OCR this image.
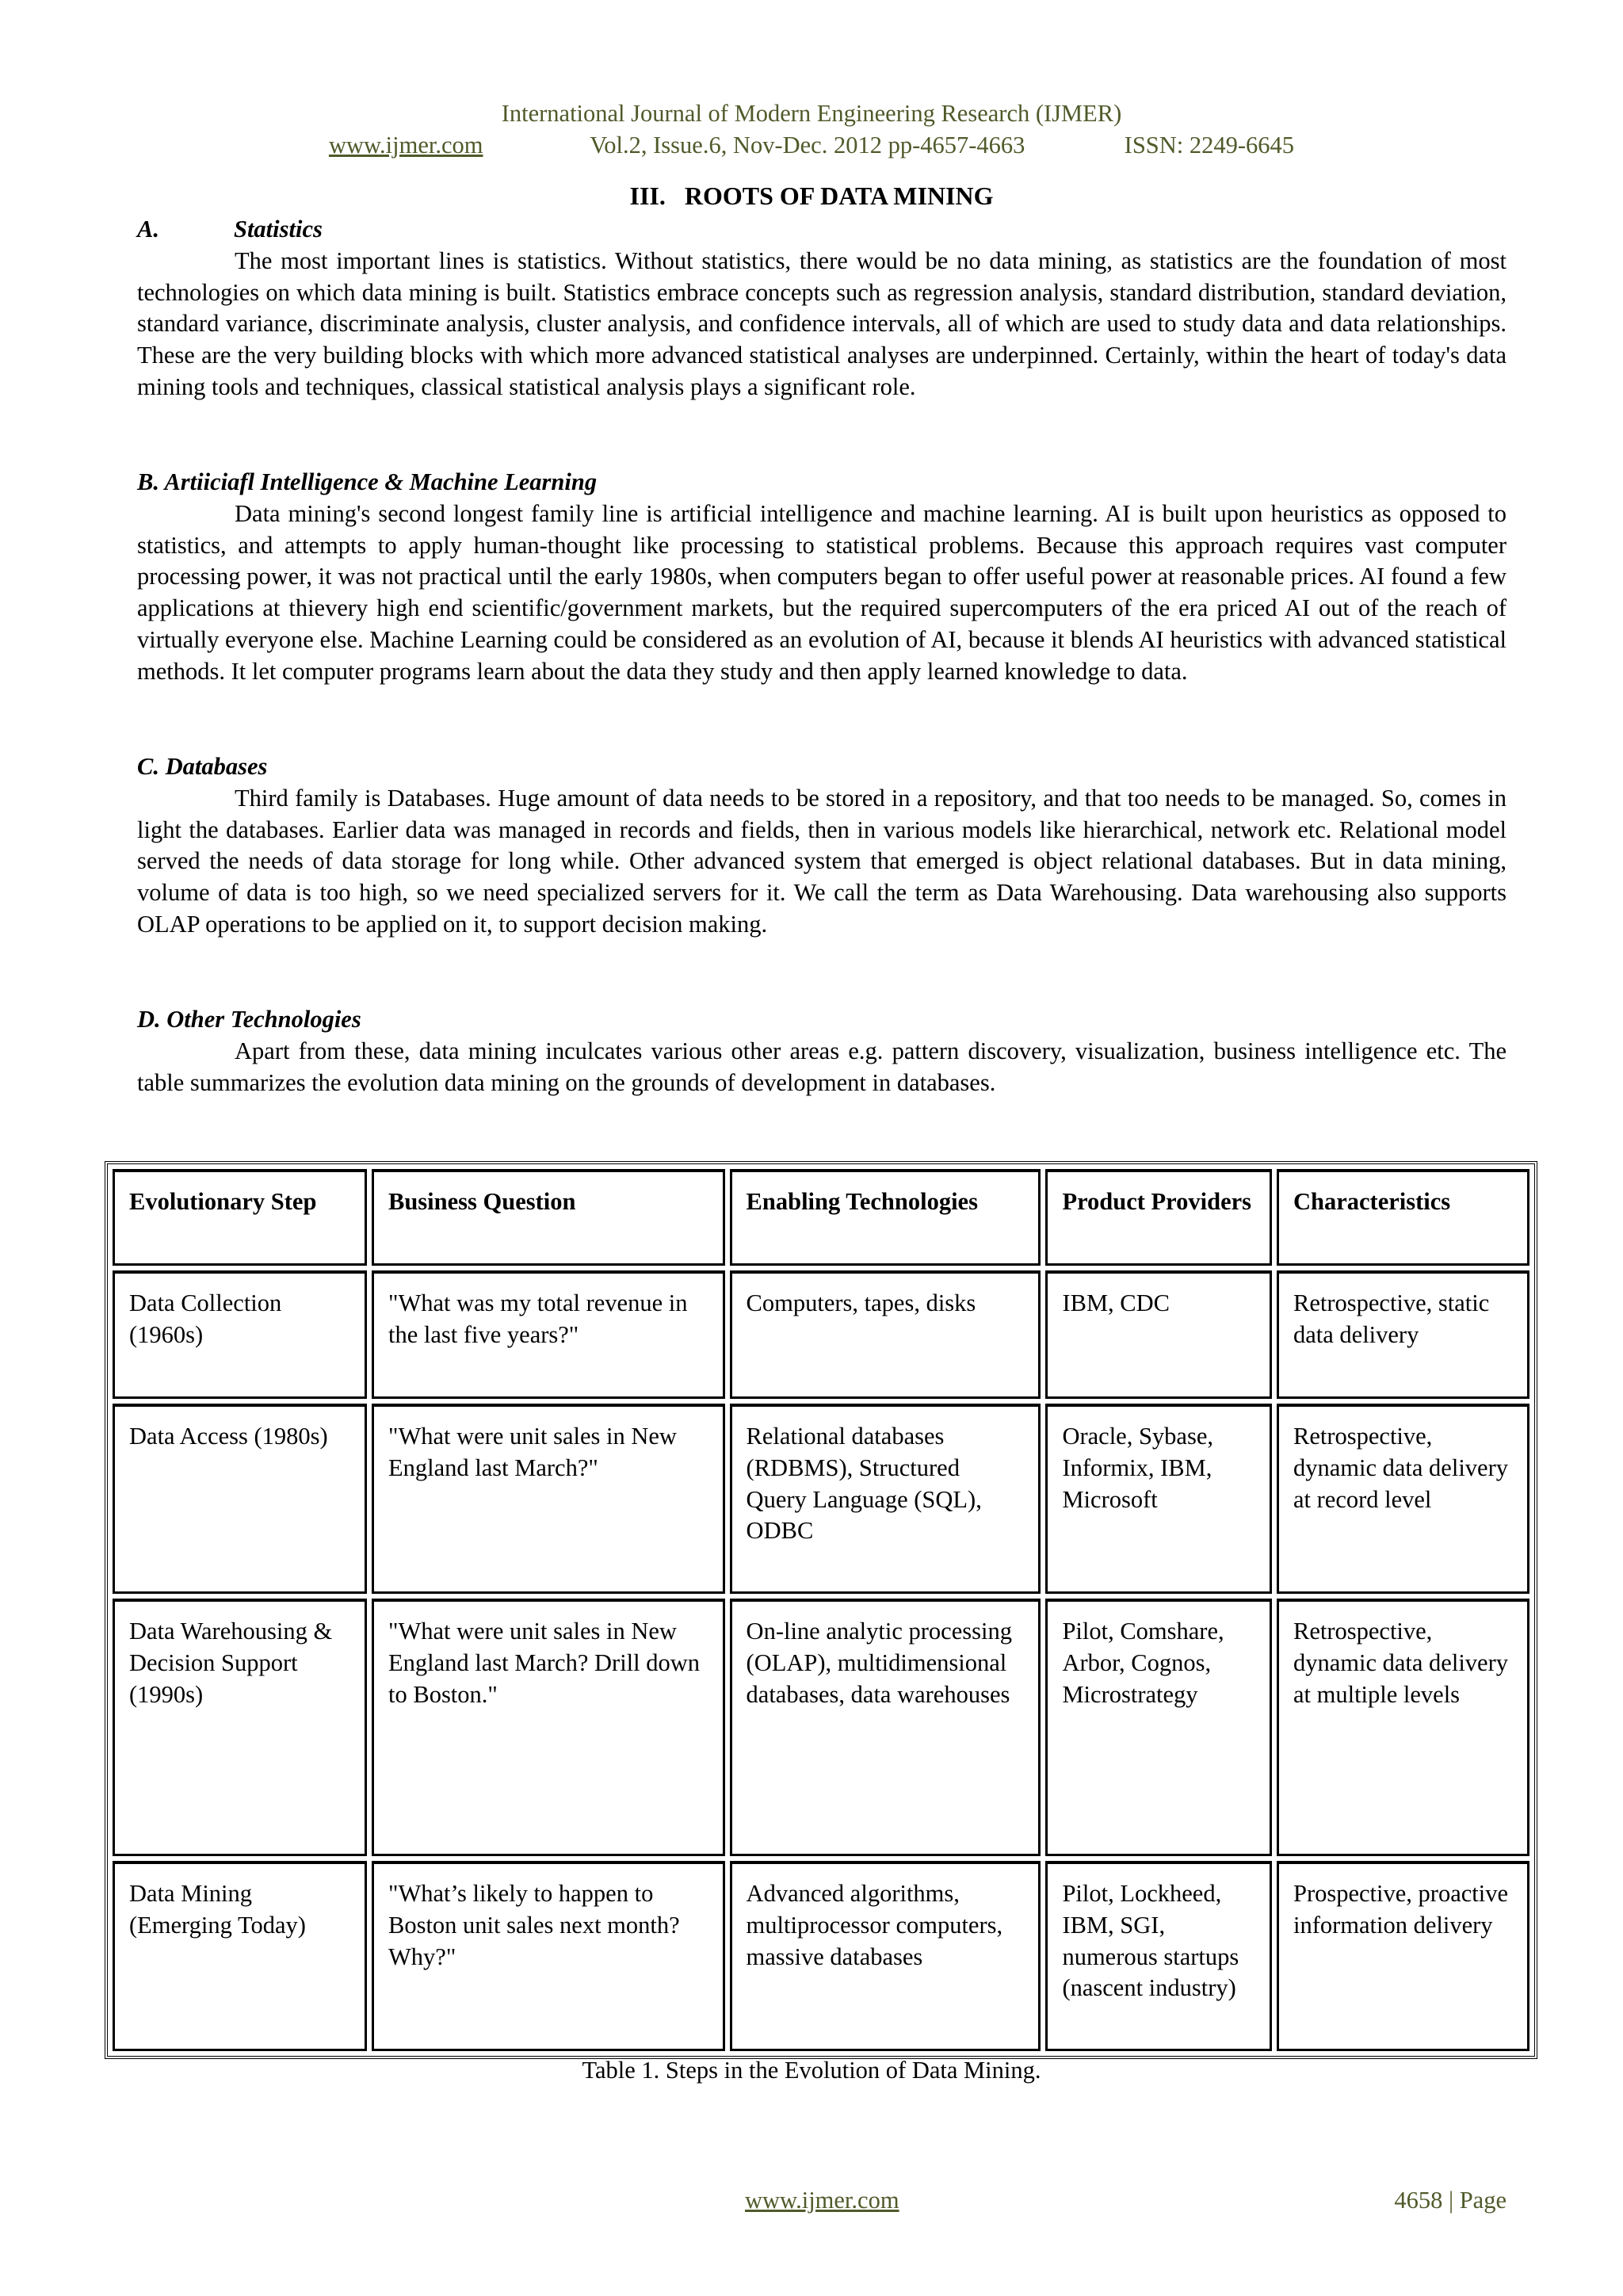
International Journal of Modern Engineering Research (IJMER)
www.ijmer.com	Vol.2, Issue.6, Nov-Dec. 2012 pp-4657-4663	ISSN: 2249-6645
III.   ROOTS OF DATA MINING
A.	Statistics

The most important lines is statistics. Without statistics, there would be no data mining, as statistics are the foundation of most technologies on which data mining is built. Statistics embrace concepts such as regression analysis, standard distribution, standard deviation, standard variance, discriminate analysis, cluster analysis, and confidence intervals, all of which are used to study data and data relationships. These are the very building blocks with which more advanced statistical analyses are underpinned. Certainly, within the heart of today's data mining tools and techniques, classical statistical analysis plays a significant role.

B. Artiiciafl Intelligence & Machine Learning

Data mining's second longest family line is artificial intelligence and machine learning. AI is built upon heuristics as opposed to statistics, and attempts to apply human-thought like processing to statistical problems. Because this approach requires vast computer processing power, it was not practical until the early 1980s, when computers began to offer useful power at reasonable prices. AI found a few applications at thievery high end scientific/government markets, but the required supercomputers of the era priced AI out of the reach of virtually everyone else. Machine Learning could be considered as an evolution of AI, because it blends AI heuristics with advanced statistical methods. It let computer programs learn about the data they study and then apply learned knowledge to data.

C. Databases

Third family is Databases. Huge amount of data needs to be stored in a repository, and that too needs to be managed. So, comes in light the databases. Earlier data was managed in records and fields, then in various models like hierarchical, network etc. Relational model served the needs of data storage for long while. Other advanced system that emerged is object relational databases. But in data mining, volume of data is too high, so we need specialized servers for it. We call the term as Data Warehousing. Data warehousing also supports OLAP operations to be applied on it, to support decision making.

D. Other Technologies

Apart from these, data mining inculcates various other areas e.g. pattern discovery, visualization, business intelligence etc. The table summarizes the evolution data mining on the grounds of development in databases.

Evolutionary Step	Business Question	Enabling Technologies	Product Providers	Characteristics
Data Collection (1960s)	"What was my total revenue in the last five years?"	Computers, tapes, disks	IBM, CDC	Retrospective, static data delivery
Data Access (1980s)	"What were unit sales in New England last March?"	Relational databases (RDBMS), Structured Query Language (SQL), ODBC	Oracle, Sybase, Informix, IBM, Microsoft	Retrospective, dynamic data delivery at record level
Data Warehousing & Decision Support (1990s)	"What were unit sales in New England last March? Drill down to Boston."	On-line analytic processing (OLAP), multidimensional databases, data warehouses	Pilot, Comshare, Arbor, Cognos, Microstrategy	Retrospective, dynamic data delivery at multiple levels
Data Mining (Emerging Today)	"What’s likely to happen to Boston unit sales next month? Why?"	Advanced algorithms, multiprocessor computers, massive databases	Pilot, Lockheed, IBM, SGI, numerous startups (nascent industry)	Prospective, proactive information delivery
Table 1. Steps in the Evolution of Data Mining.
www.ijmer.com	4658 | Page
